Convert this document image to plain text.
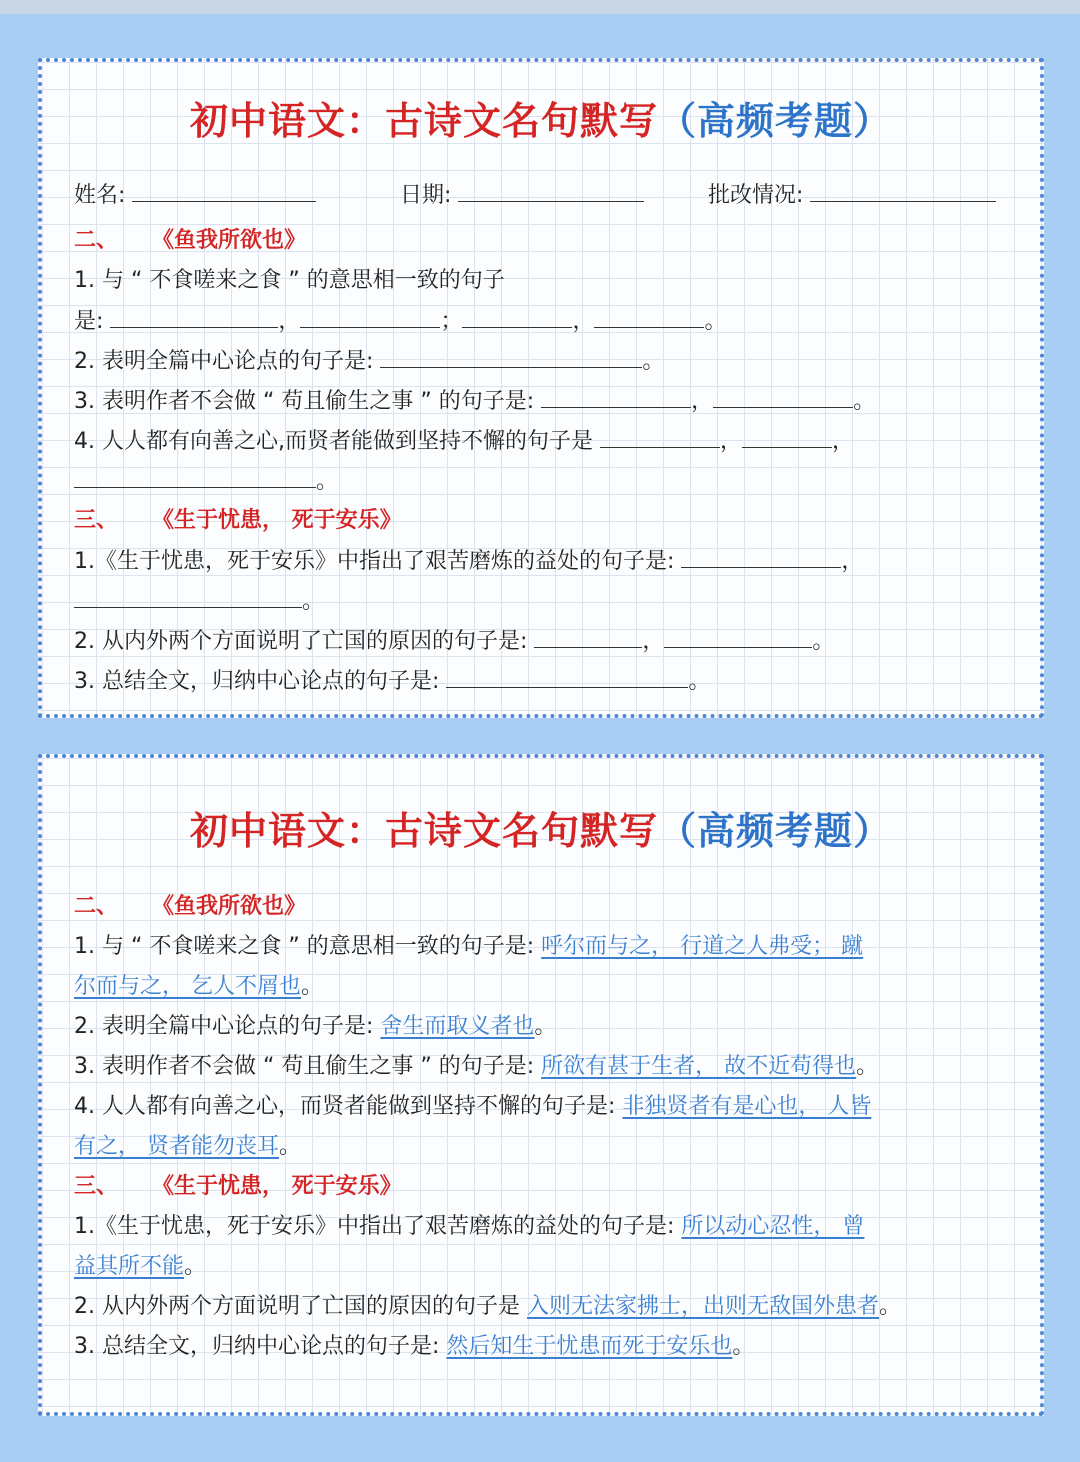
初中语文：古诗文名句默写（高频考题）
姓名:	日期:	批改情况:
二、 《鱼我所欲也》
1. 与 “ 不食嗟来之食 ” 的意思相一致的句子
是:	，	；	，	。
2. 表明全篇中心论点的句子是:	。
3. 表明作者不会做 “ 苟且偷生之事 ” 的句子是:	，	。
4. 人人都有向善之心,而贤者能做到坚持不懈的句子是	，	，
。
三、 《生于忧患， 死于安乐》
1.《生于忧患，死于安乐》中指出了艰苦磨炼的益处的句子是:	，
。
2. 从内外两个方面说明了亡国的原因的句子是:	，	。
3. 总结全文，归纳中心论点的句子是:	。
初中语文：古诗文名句默写（高频考题）
二、 《鱼我所欲也》
1. 与 “ 不食嗟来之食 ” 的意思相一致的句子是: 呼尔而与之， 行道之人弗受； 蹴
尔而与之， 乞人不屑也。
2. 表明全篇中心论点的句子是: 舍生而取义者也。
3. 表明作者不会做 “ 苟且偷生之事 ” 的句子是: 所欲有甚于生者， 故不近苟得也。
4. 人人都有向善之心，而贤者能做到坚持不懈的句子是: 非独贤者有是心也， 人皆
有之， 贤者能勿丧耳。
三、 《生于忧患， 死于安乐》
1.《生于忧患，死于安乐》中指出了艰苦磨炼的益处的句子是: 所以动心忍性， 曾
益其所不能。
2. 从内外两个方面说明了亡国的原因的句子是 入则无法家拂士，出则无敌国外患者。
3. 总结全文，归纳中心论点的句子是: 然后知生于忧患而死于安乐也。
